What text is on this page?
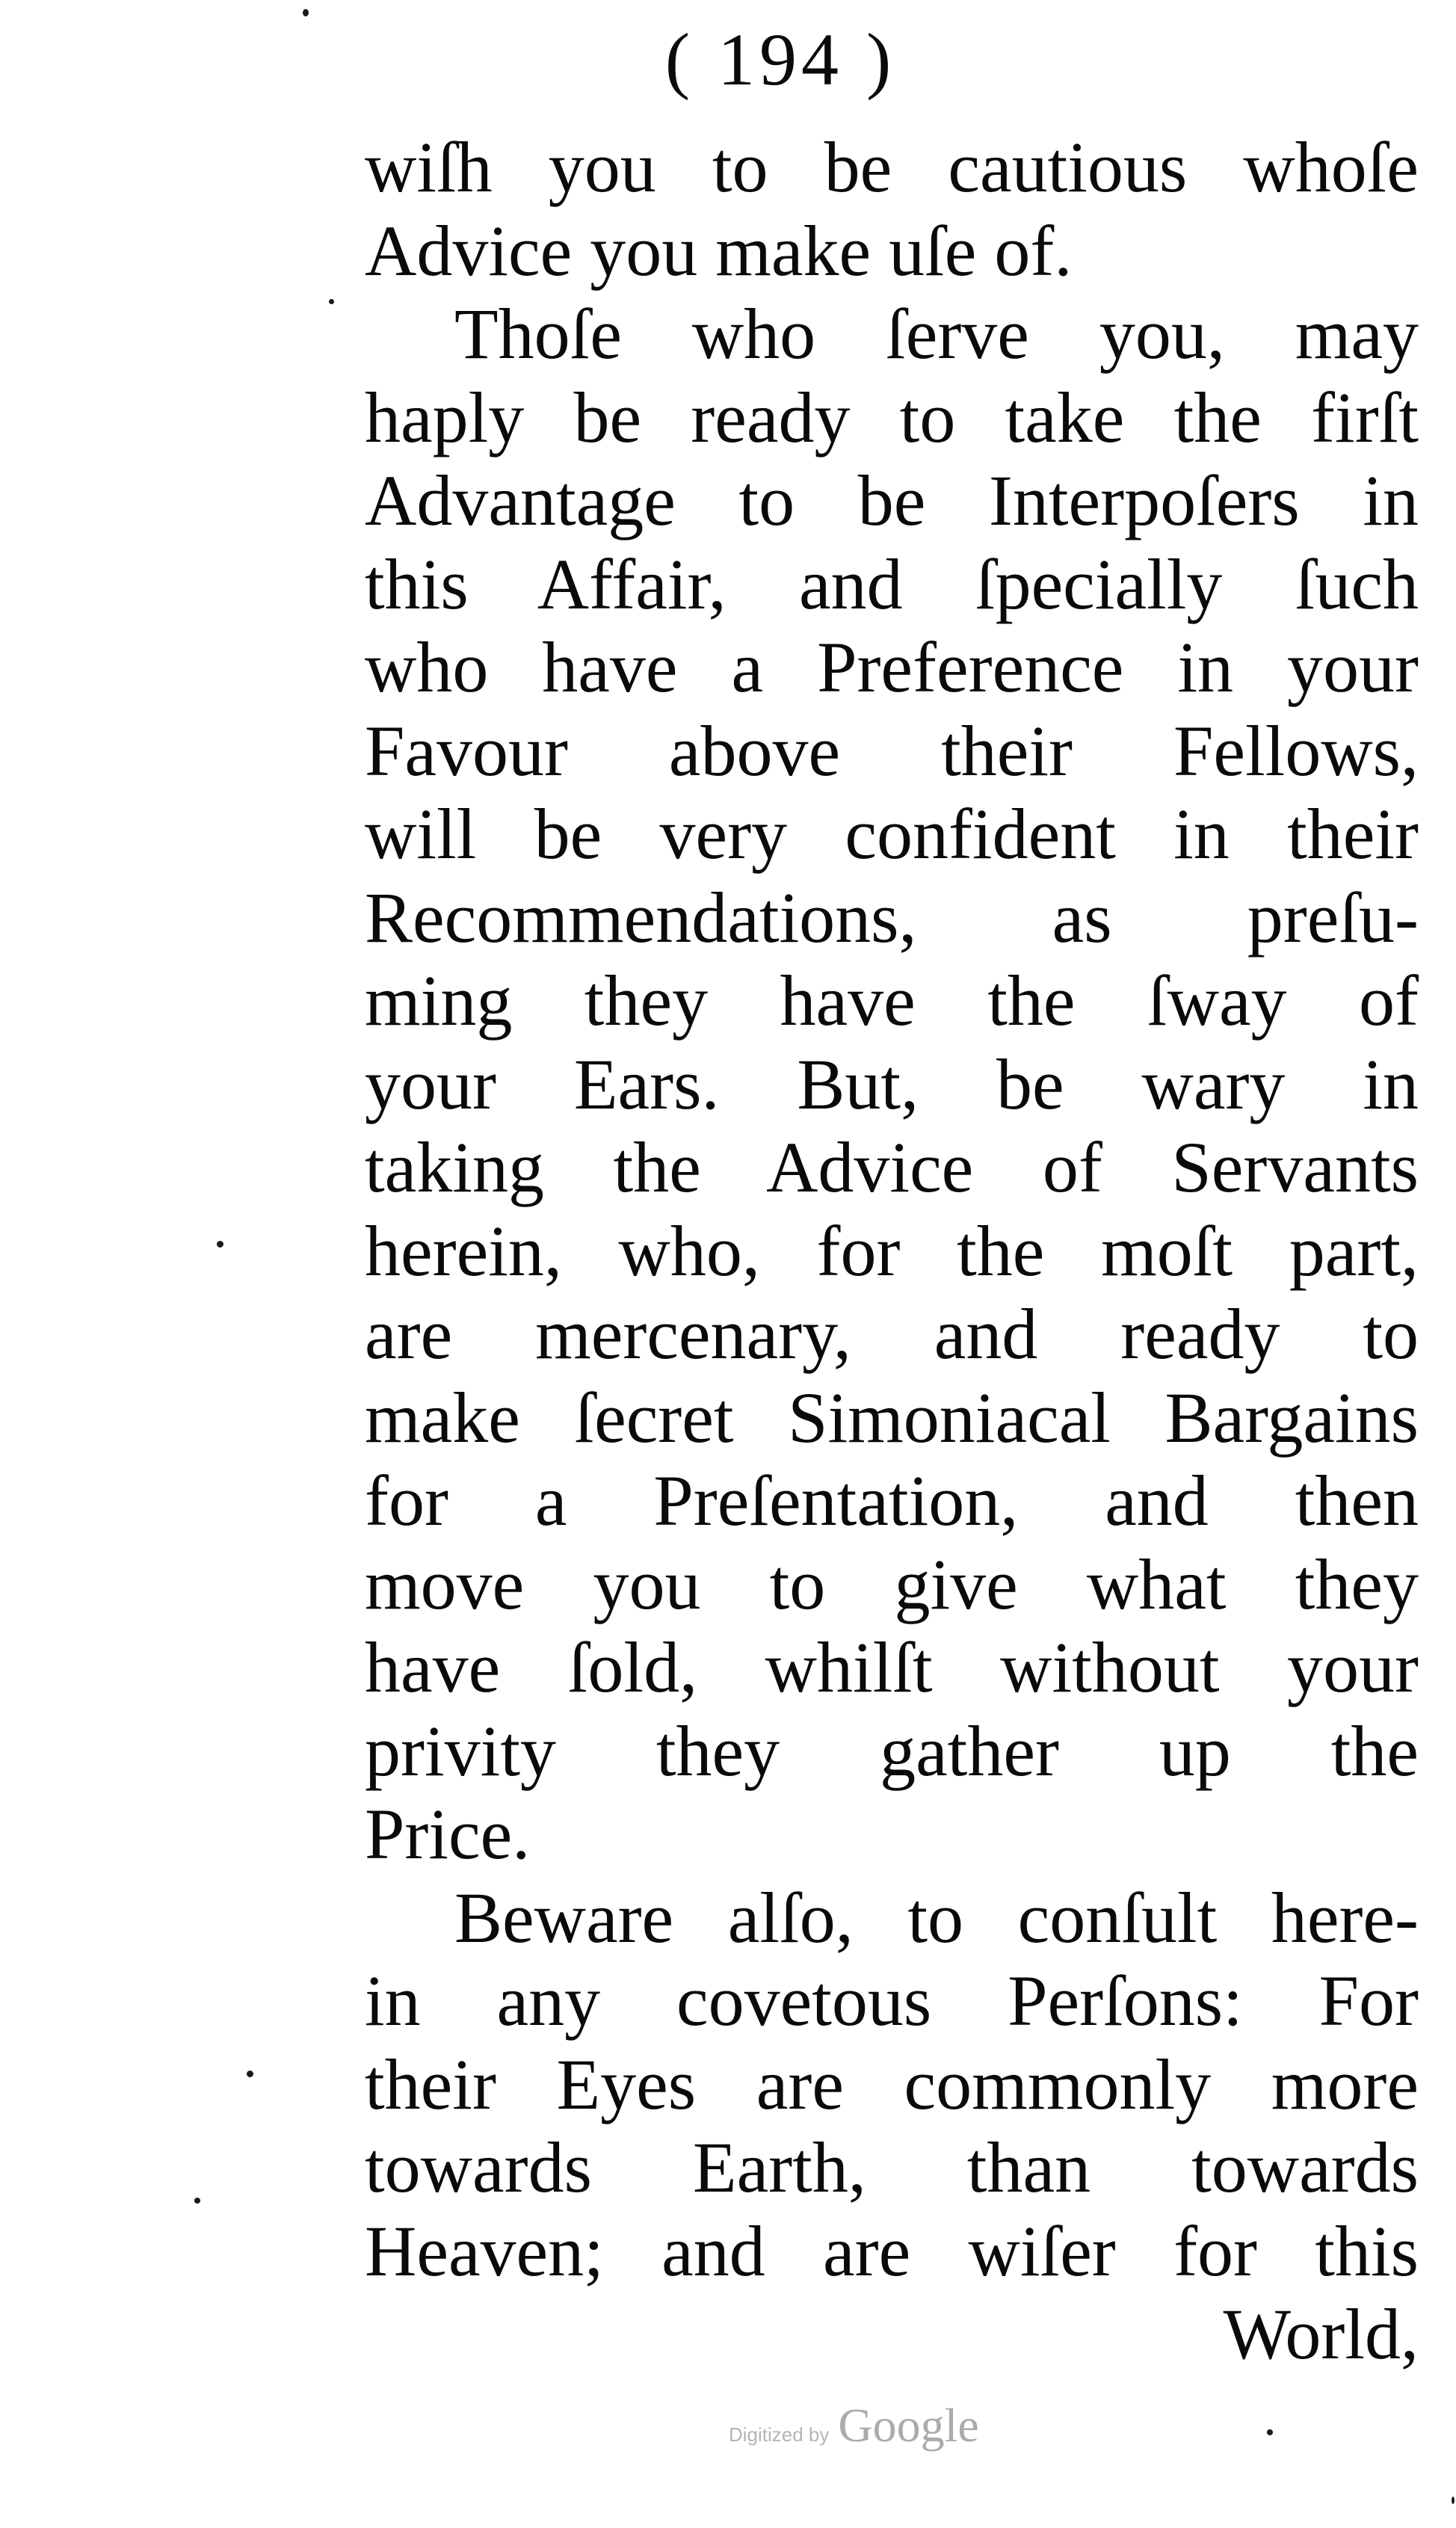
( 194 )
wiſh you to be cautious whoſe
Advice you make uſe of.
Thoſe who ſerve you, may
haply be ready to take the firſt
Advantage to be Interpoſers in
this Affair, and ſpecially ſuch
who have a Preference in your
Favour above their Fellows,
will be very confident in their
Recommendations, as preſu-
ming they have the ſway of
your Ears. But, be wary in
taking the Advice of Servants
herein, who, for the moſt part,
are mercenary, and ready to
make ſecret Simoniacal Bargains
for a Preſentation, and then
move you to give what they
have ſold, whilſt without your
privity they gather up the
Price.
Beware alſo, to conſult here-
in any covetous Perſons: For
their Eyes are commonly more
towards Earth, than towards
Heaven; and are wiſer for this
World,
Digitized by Google
